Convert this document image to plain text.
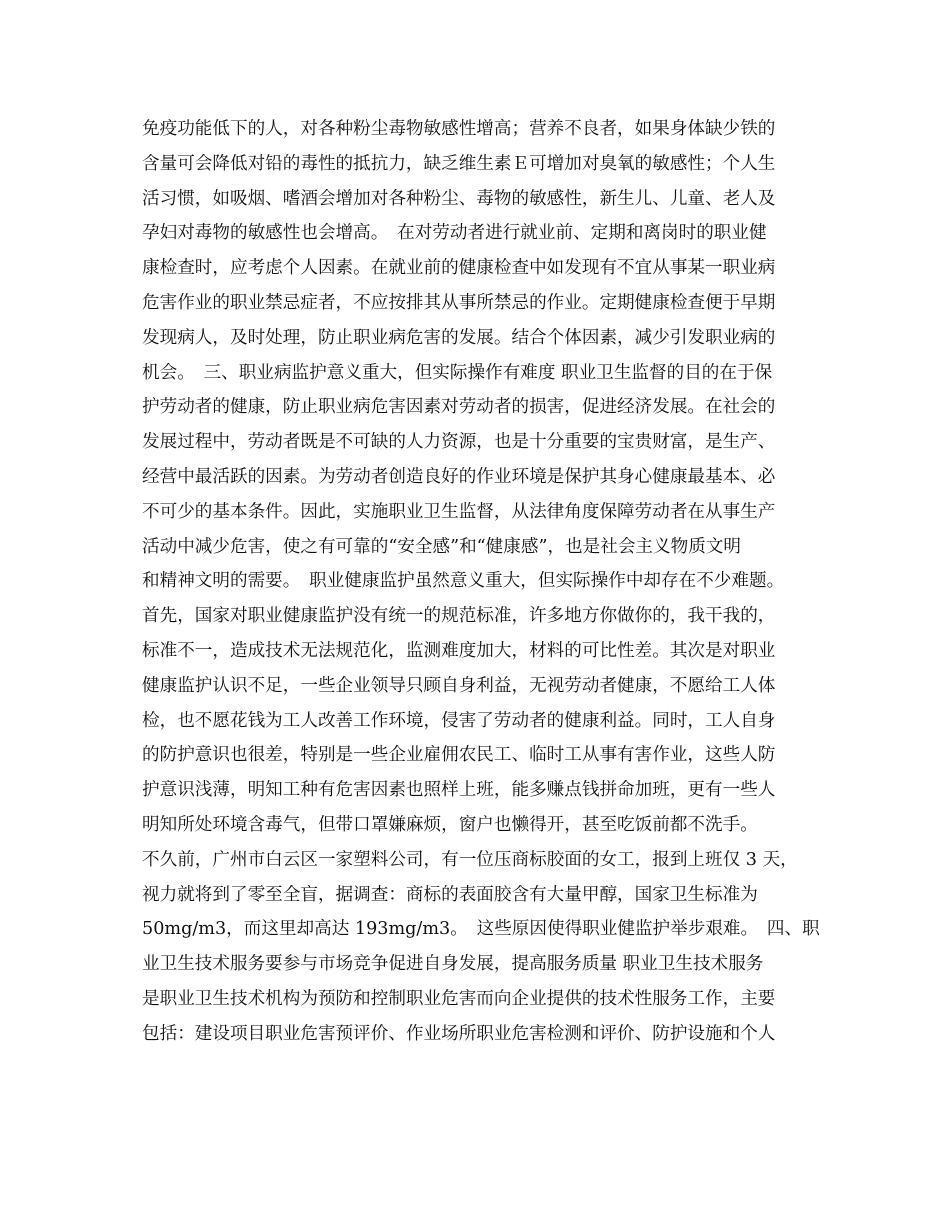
免疫功能低下的人，对各种粉尘毒物敏感性增高；营养不良者，如果身体缺少铁的
含量可会降低对铅的毒性的抵抗力，缺乏维生素Ｅ可增加对臭氧的敏感性；个人生
活习惯，如吸烟、嗜酒会增加对各种粉尘、毒物的敏感性，新生儿、儿童、老人及
孕妇对毒物的敏感性也会增高。　在对劳动者进行就业前、定期和离岗时的职业健
康检查时，应考虑个人因素。在就业前的健康检查中如发现有不宜从事某一职业病
危害作业的职业禁忌症者，不应按排其从事所禁忌的作业。定期健康检查便于早期
发现病人，及时处理，防止职业病危害的发展。结合个体因素，减少引发职业病的
机会。　三、职业病监护意义重大，但实际操作有难度 职业卫生监督的目的在于保
护劳动者的健康，防止职业病危害因素对劳动者的损害，促进经济发展。在社会的
发展过程中，劳动者既是不可缺的人力资源，也是十分重要的宝贵财富，是生产、
经营中最活跃的因素。为劳动者创造良好的作业环境是保护其身心健康最基本、必
不可少的基本条件。因此，实施职业卫生监督，从法律角度保障劳动者在从事生产
活动中减少危害，使之有可靠的“安全感”和“健康感”，也是社会主义物质文明
和精神文明的需要。　职业健康监护虽然意义重大，但实际操作中却存在不少难题。
首先，国家对职业健康监护没有统一的规范标准，许多地方你做你的，我干我的，
标准不一，造成技术无法规范化，监测难度加大，材料的可比性差。其次是对职业
健康监护认识不足，一些企业领导只顾自身利益，无视劳动者健康，不愿给工人体
检，也不愿花钱为工人改善工作环境，侵害了劳动者的健康利益。同时，工人自身
的防护意识也很差，特别是一些企业雇佣农民工、临时工从事有害作业，这些人防
护意识浅薄，明知工种有危害因素也照样上班，能多赚点钱拼命加班，更有一些人
明知所处环境含毒气，但带口罩嫌麻烦，窗户也懒得开，甚至吃饭前都不洗手。
不久前，广州市白云区一家塑料公司，有一位压商标胶面的女工，报到上班仅 3 天，
视力就将到了零至全盲，据调查：商标的表面胶含有大量甲醇，国家卫生标准为
50mg/m3，而这里却高达 193mg/m3。　这些原因使得职业健监护举步艰难。　四、职
业卫生技术服务要参与市场竞争促进自身发展，提高服务质量 职业卫生技术服务
是职业卫生技术机构为预防和控制职业危害而向企业提供的技术性服务工作，主要
包括：建设项目职业危害预评价、作业场所职业危害检测和评价、防护设施和个人
